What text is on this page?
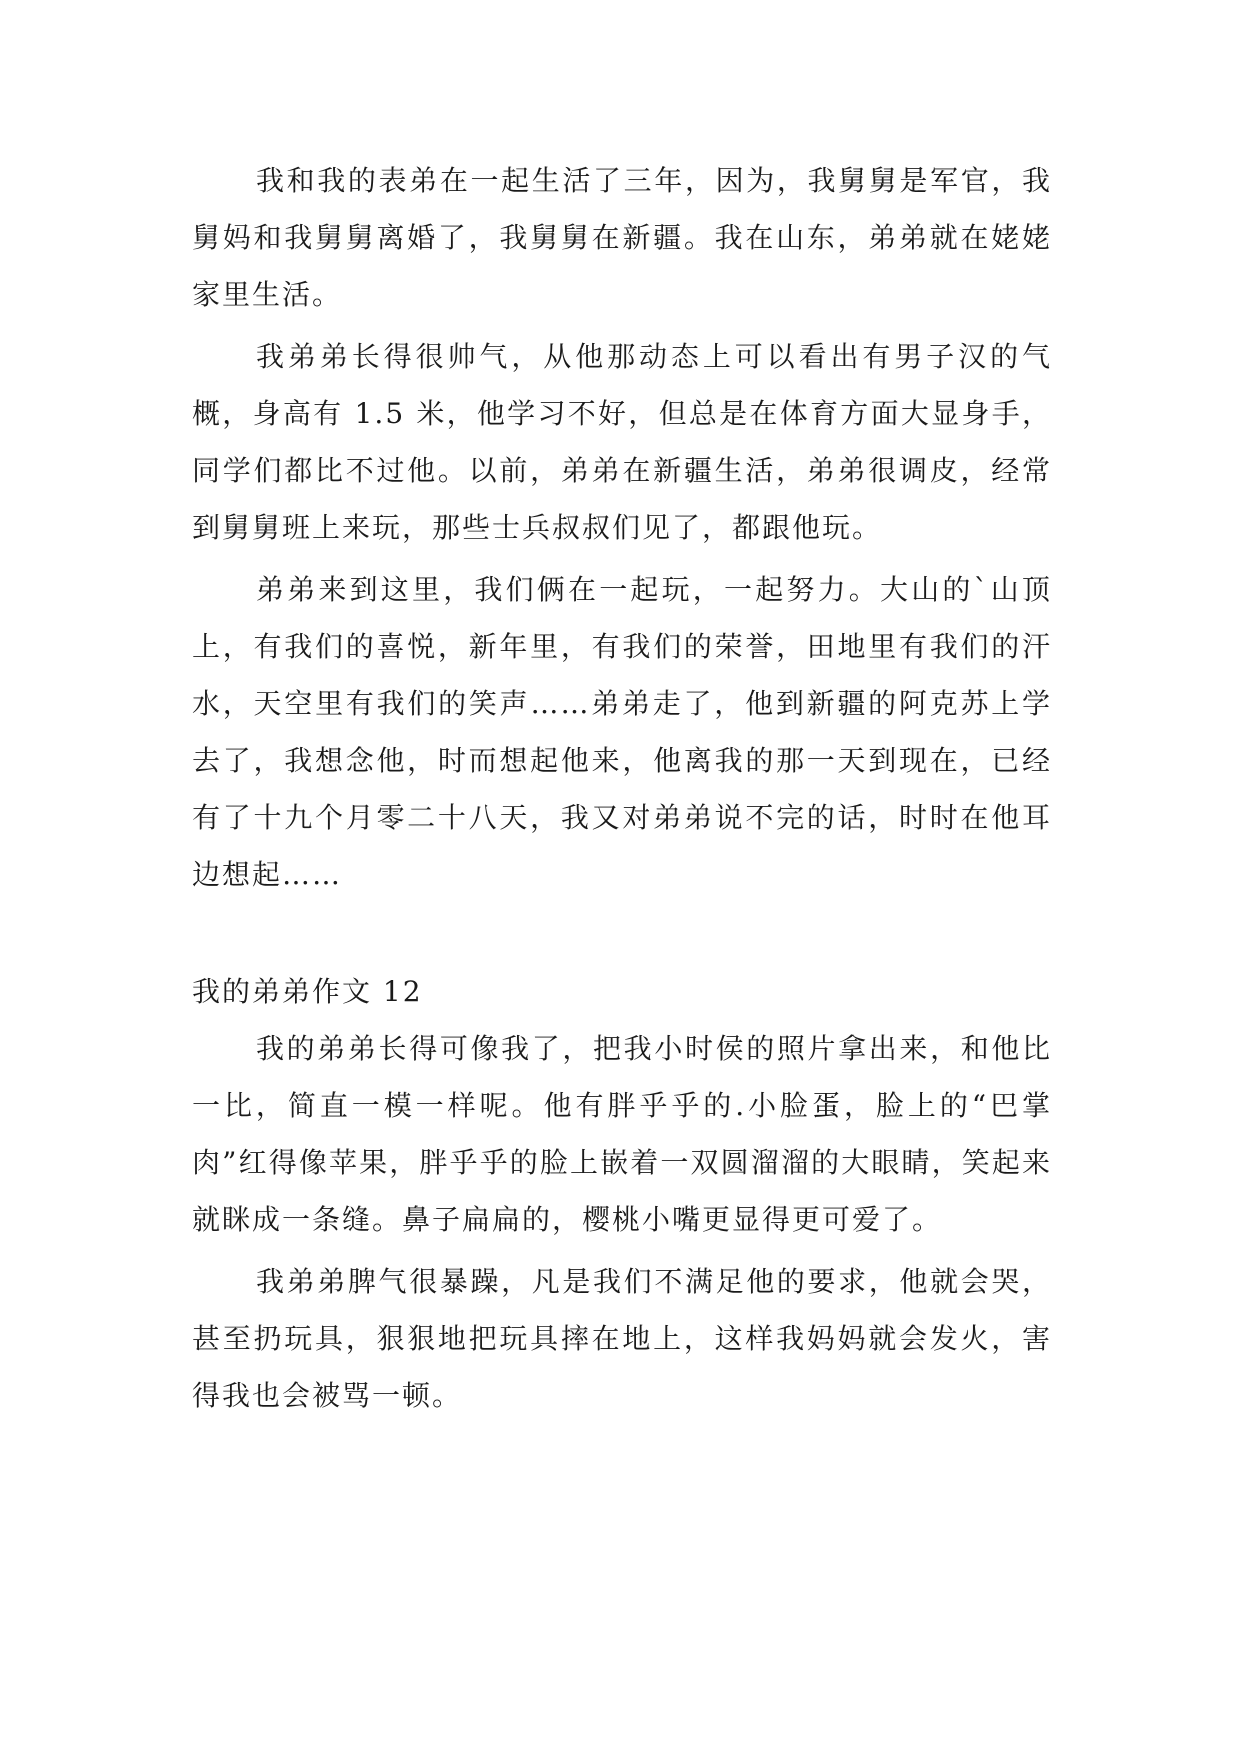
我和我的表弟在一起生活了三年，因为，我舅舅是军官，我舅妈和我舅舅离婚了，我舅舅在新疆。我在山东，弟弟就在姥姥家里生活。

我弟弟长得很帅气，从他那动态上可以看出有男子汉的气概，身高有 1.5 米，他学习不好，但总是在体育方面大显身手，同学们都比不过他。以前，弟弟在新疆生活，弟弟很调皮，经常到舅舅班上来玩，那些士兵叔叔们见了，都跟他玩。

弟弟来到这里，我们俩在一起玩，一起努力。大山的`山顶上，有我们的喜悦，新年里，有我们的荣誉，田地里有我们的汗水，天空里有我们的笑声……弟弟走了，他到新疆的阿克苏上学去了，我想念他，时而想起他来，他离我的那一天到现在，已经有了十九个月零二十八天，我又对弟弟说不完的话，时时在他耳边想起……

我的弟弟作文 12

我的弟弟长得可像我了，把我小时侯的照片拿出来，和他比一比，简直一模一样呢。他有胖乎乎的.小脸蛋，脸上的“巴掌肉”红得像苹果，胖乎乎的脸上嵌着一双圆溜溜的大眼睛，笑起来就眯成一条缝。鼻子扁扁的，樱桃小嘴更显得更可爱了。

我弟弟脾气很暴躁，凡是我们不满足他的要求，他就会哭，甚至扔玩具，狠狠地把玩具摔在地上，这样我妈妈就会发火，害得我也会被骂一顿。
